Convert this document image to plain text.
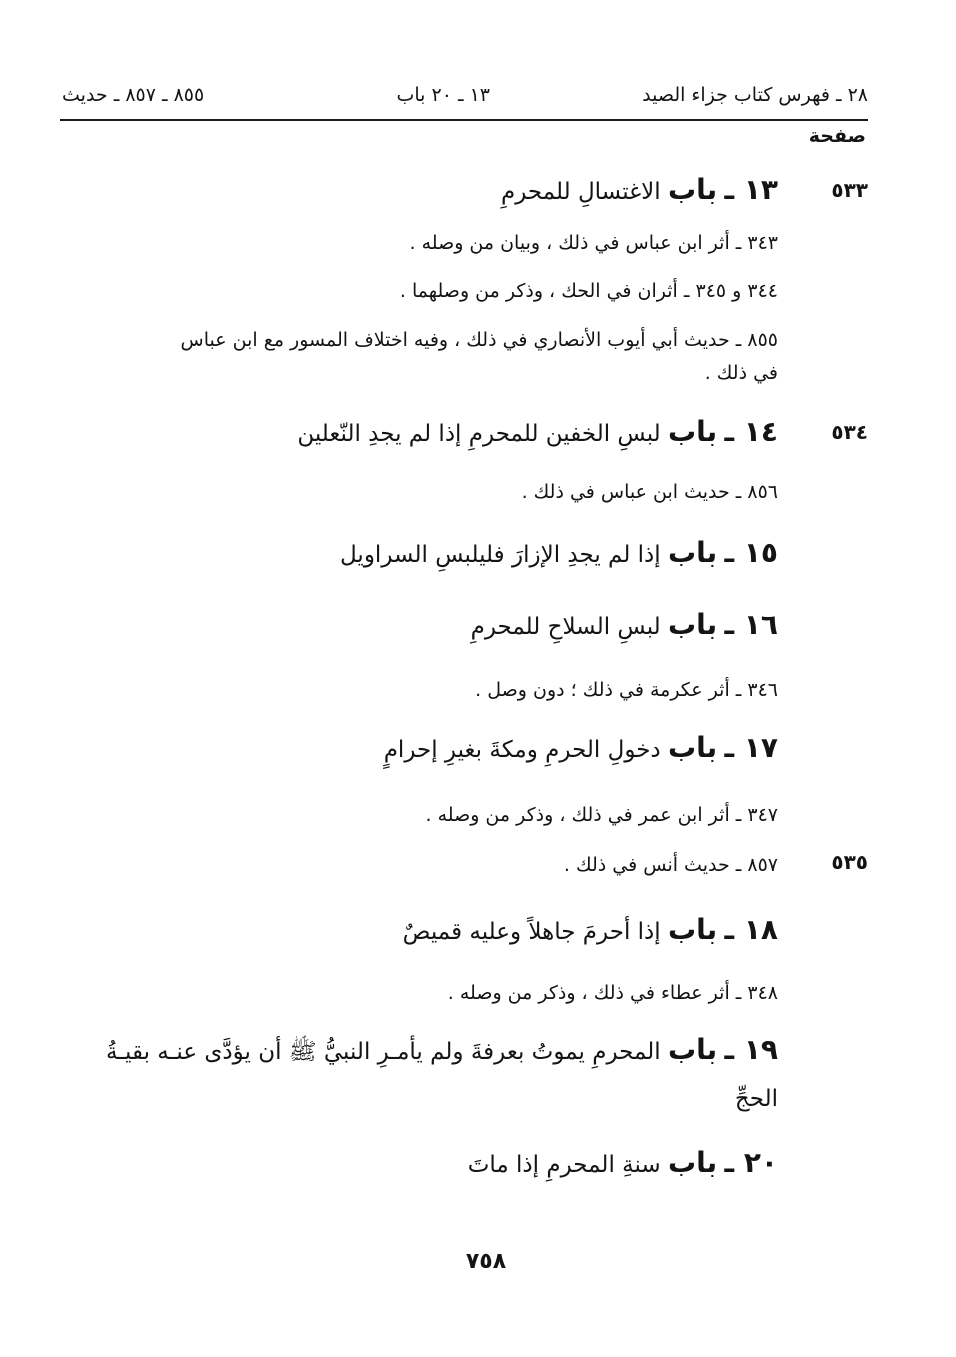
٢٨ ـ فهرس كتاب جزاء الصيد
١٣ ـ ٢٠ باب
٨٥٥ ـ ٨٥٧ ـ حديث
صفحة
٥٣٣
١٣ ـ باب الاغتسالِ للمحرمِ
٣٤٣ ـ أثر ابن عباس في ذلك ، وبيان من وصله .
٣٤٤ و ٣٤٥ ـ أثران في الحك ، وذكر من وصلهما .
٨٥٥ ـ حديث أبي أيوب الأنصاري في ذلك ، وفيه اختلاف المسور مع ابن عباس
في ذلك .
٥٣٤
١٤ ـ باب لبسِ الخفين للمحرمِ إذا لم يجدِ النّعلين
٨٥٦ ـ حديث ابن عباس في ذلك .
١٥ ـ باب إذا لم يجدِ الإزارَ فليلبسِ السراويل
١٦ ـ باب لبسِ السلاحِ للمحرمِ
٣٤٦ ـ أثر عكرمة في ذلك ؛ دون وصل .
١٧ ـ باب دخولِ الحرمِ ومكةَ بغيرِ إحرامٍ
٣٤٧ ـ أثر ابن عمر في ذلك ، وذكر من وصله .
٥٣٥
٨٥٧ ـ حديث أنس في ذلك .
١٨ ـ باب إذا أحرمَ جاهلاً وعليه قميصٌ
٣٤٨ ـ أثر عطاء في ذلك ، وذكر من وصله .
١٩ ـ باب المحرمِ يموتُ بعرفةَ ولم يأمـرِ النبيُّ ﷺ أن يؤدَّى عنـه بقيـةُ
الحجِّ
٢٠ ـ باب سنةِ المحرمِ إذا ماتَ
٧٥٨
